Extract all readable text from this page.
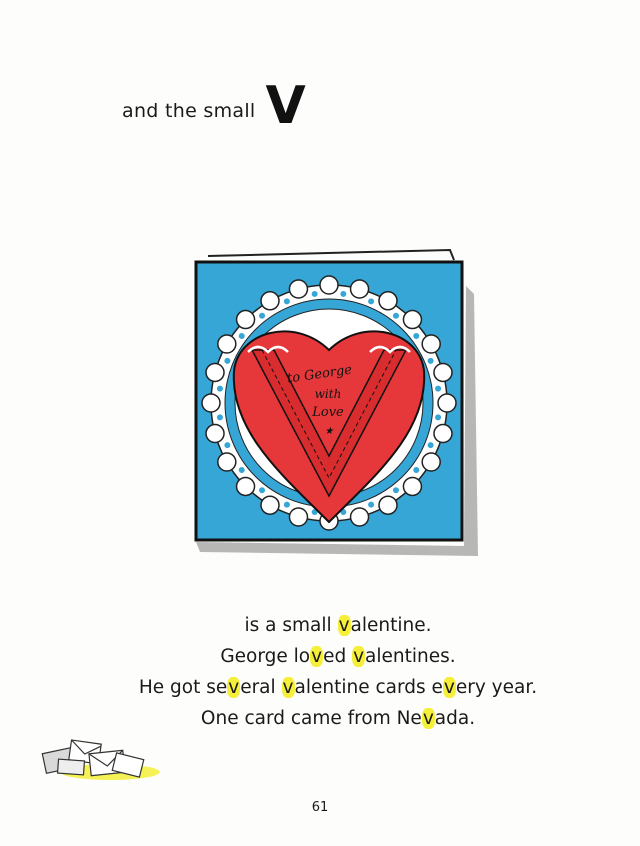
and the small V
to George
with
Love
★
is a small valentine.
George loved valentines.
He got several valentine cards every year.
One card came from Nevada.
61
